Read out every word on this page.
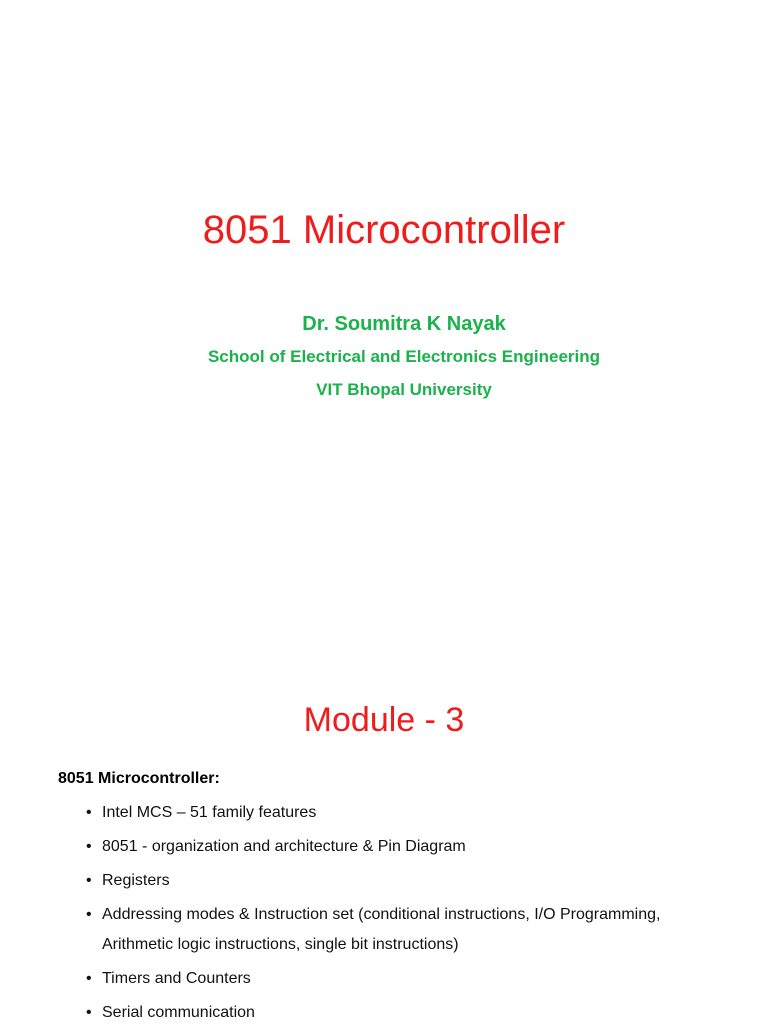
8051 Microcontroller
Dr. Soumitra K Nayak
School of Electrical and Electronics Engineering
VIT Bhopal University
Module - 3
8051 Microcontroller:
• Intel MCS – 51 family features
• 8051 - organization and architecture & Pin Diagram
• Registers
• Addressing modes & Instruction set (conditional instructions, I/O Programming, Arithmetic logic instructions, single bit instructions)
• Timers and Counters
• Serial communication
